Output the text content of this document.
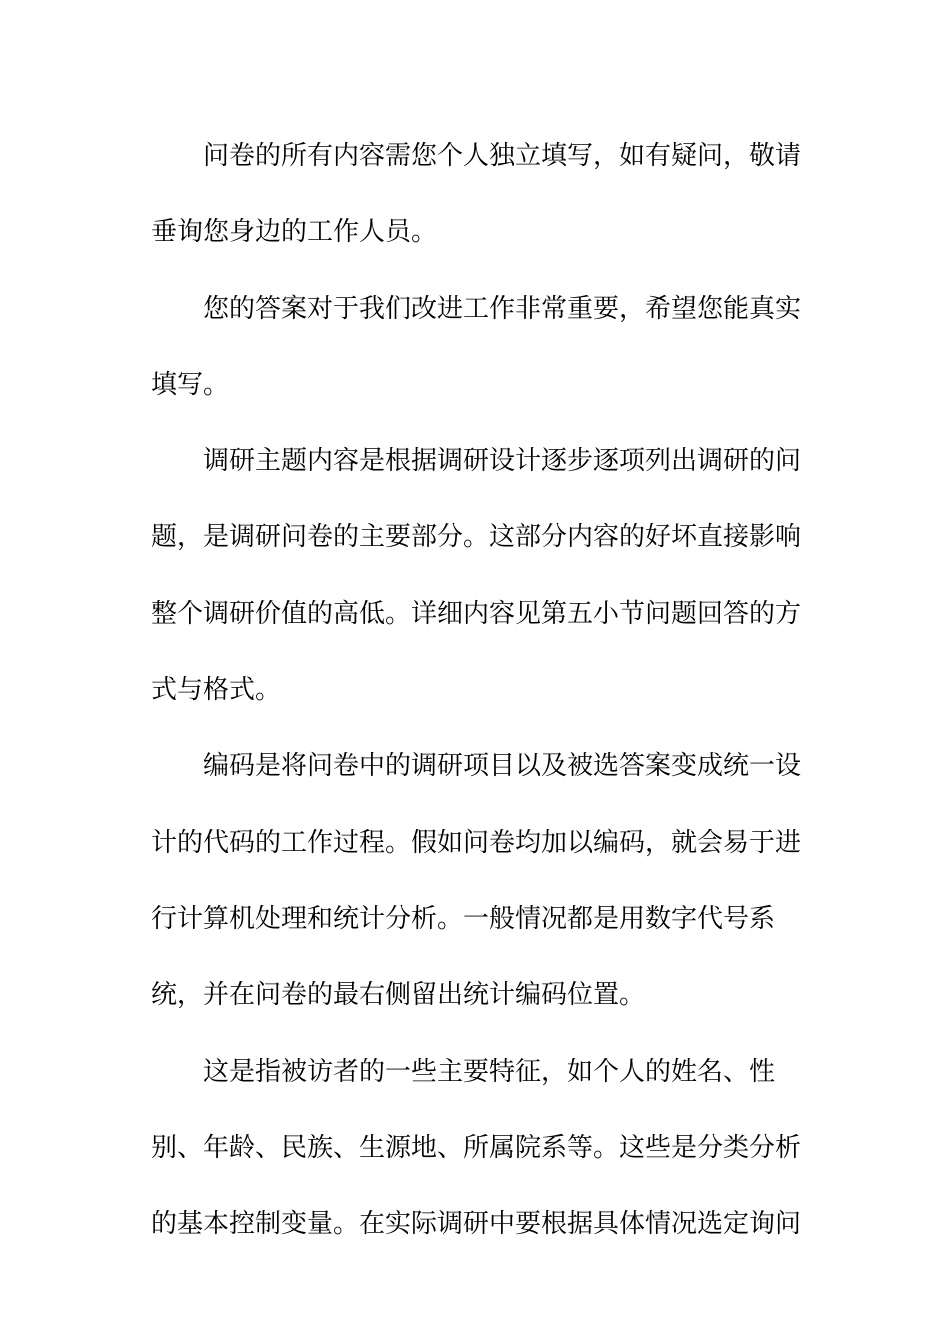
问卷的所有内容需您个人独立填写，如有疑问，敬请
垂询您身边的工作人员。

您的答案对于我们改进工作非常重要，希望您能真实
填写。

调研主题内容是根据调研设计逐步逐项列出调研的问
题，是调研问卷的主要部分。这部分内容的好坏直接影响
整个调研价值的高低。详细内容见第五小节问题回答的方
式与格式。

编码是将问卷中的调研项目以及被选答案变成统一设
计的代码的工作过程。假如问卷均加以编码，就会易于进
行计算机处理和统计分析。一般情况都是用数字代号系
统，并在问卷的最右侧留出统计编码位置。

这是指被访者的一些主要特征，如个人的姓名、性
别、年龄、民族、生源地、所属院系等。这些是分类分析
的基本控制变量。在实际调研中要根据具体情况选定询问
